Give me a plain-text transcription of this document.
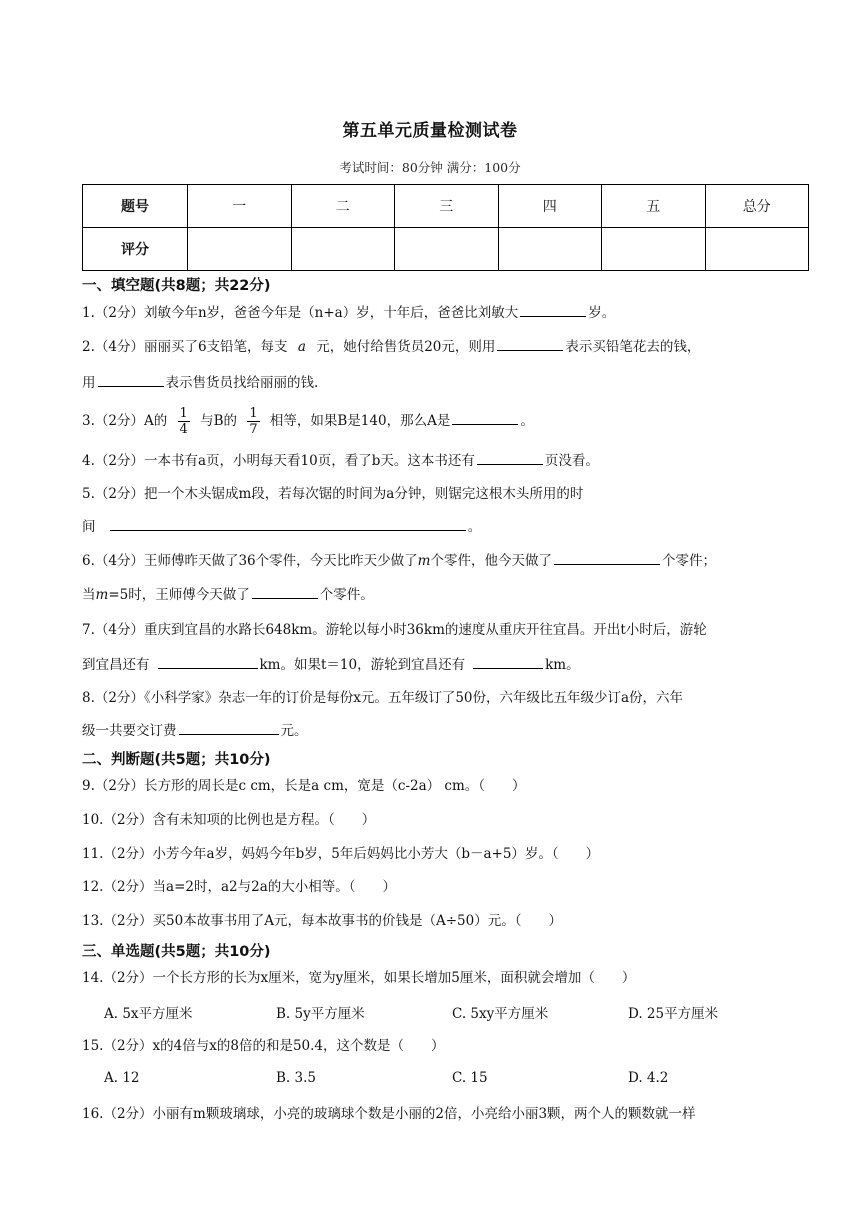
第五单元质量检测试卷
考试时间：80分钟 满分：100分
题号	一	二	三	四	五	总分
评分						
一、填空题(共8题；共22分)
1.（2分）刘敏今年n岁，爸爸今年是（n+a）岁，十年后，爸爸比刘敏大	岁。
2.（4分）丽丽买了6支铅笔，每支 a 元，她付给售货员20元，则用	表示买铅笔花去的钱，
用	表示售货员找给丽丽的钱.
3.（2分）A的 $\frac{1}{4}$ 与B的 $\frac{1}{7}$ 相等，如果B是140，那么A是	。
4.（2分）一本书有a页，小明每天看10页，看了b天。这本书还有	页没看。
5.（2分）把一个木头锯成m段，若每次锯的时间为a分钟，则锯完这根木头所用的时
间	。
6.（4分）王师傅昨天做了36个零件，今天比昨天少做了m个零件，他今天做了	个零件；
当m=5时，王师傅今天做了	个零件。
7.（4分）重庆到宜昌的水路长648km。游轮以每小时36km的速度从重庆开往宜昌。开出t小时后，游轮
到宜昌还有	km。如果t＝10，游轮到宜昌还有	km。
8.（2分）《小科学家》杂志一年的订价是每份x元。五年级订了50份，六年级比五年级少订a份，六年
级一共要交订费	元。
二、判断题(共5题；共10分)
9.（2分）长方形的周长是c cm，长是a cm，宽是（c-2a） cm。（　　）
10.（2分）含有未知项的比例也是方程。（　　）
11.（2分）小芳今年a岁，妈妈今年b岁，5年后妈妈比小芳大（b－a+5）岁。（　　）
12.（2分）当a=2时，a2与2a的大小相等。（　　）
13.（2分）买50本故事书用了A元，每本故事书的价钱是（A÷50）元。（　　）
三、单选题(共5题；共10分)
14.（2分）一个长方形的长为x厘米，宽为y厘米，如果长增加5厘米，面积就会增加（　　）
A. 5x平方厘米	B. 5y平方厘米	C. 5xy平方厘米	D. 25平方厘米
15.（2分）x的4倍与x的8倍的和是50.4，这个数是（　　）
A. 12	B. 3.5	C. 15	D. 4.2
16.（2分）小丽有m颗玻璃球，小亮的玻璃球个数是小丽的2倍，小亮给小丽3颗，两个人的颗数就一样
